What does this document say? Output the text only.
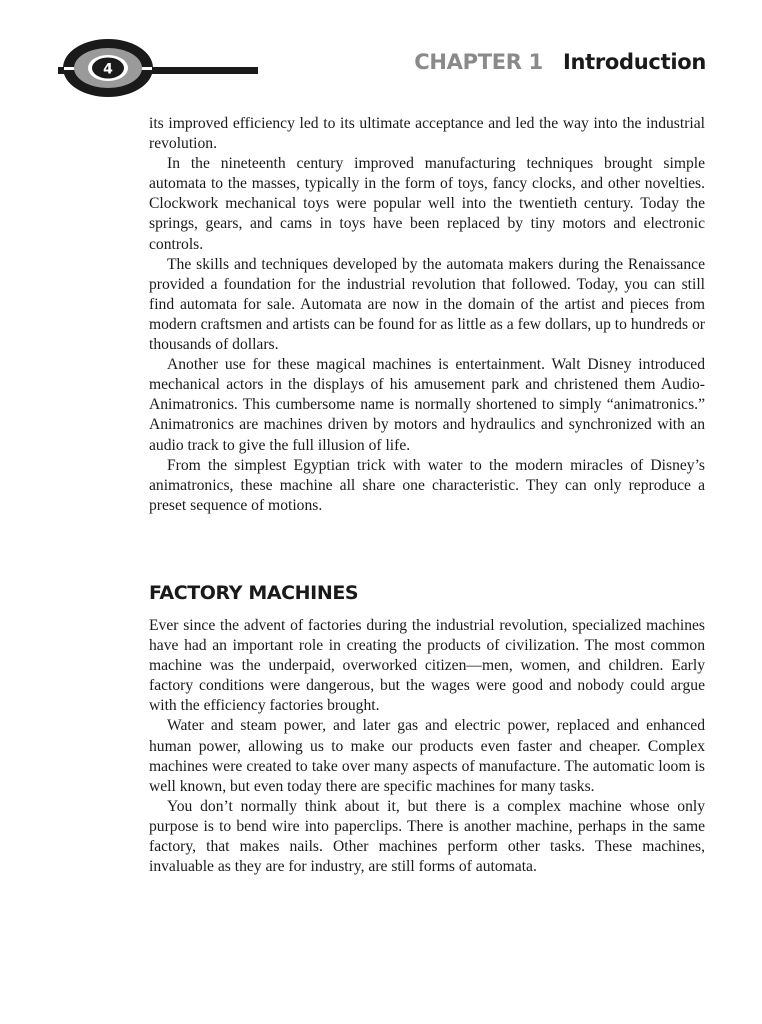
4	CHAPTER 1 Introduction

its improved efficiency led to its ultimate acceptance and led the way into the industrial revolution.

In the nineteenth century improved manufacturing techniques brought simple automata to the masses, typically in the form of toys, fancy clocks, and other novelties. Clockwork mechanical toys were popular well into the twentieth century. Today the springs, gears, and cams in toys have been replaced by tiny motors and electronic controls.

The skills and techniques developed by the automata makers during the Renaissance provided a foundation for the industrial revolution that followed. Today, you can still find automata for sale. Automata are now in the domain of the artist and pieces from modern craftsmen and artists can be found for as little as a few dollars, up to hundreds or thousands of dollars.

Another use for these magical machines is entertainment. Walt Disney introduced mechanical actors in the displays of his amusement park and christened them Audio-Animatronics. This cumbersome name is normally shortened to simply “animatronics.” Animatronics are machines driven by motors and hydraulics and synchronized with an audio track to give the full illusion of life.

From the simplest Egyptian trick with water to the modern miracles of Disney’s animatronics, these machine all share one characteristic. They can only reproduce a preset sequence of motions.

FACTORY MACHINES

Ever since the advent of factories during the industrial revolution, specialized machines have had an important role in creating the products of civilization. The most common machine was the underpaid, overworked citizen—men, women, and children. Early factory conditions were dangerous, but the wages were good and nobody could argue with the efficiency factories brought.

Water and steam power, and later gas and electric power, replaced and enhanced human power, allowing us to make our products even faster and cheaper. Complex machines were created to take over many aspects of manufacture. The automatic loom is well known, but even today there are specific machines for many tasks.

You don’t normally think about it, but there is a complex machine whose only purpose is to bend wire into paperclips. There is another machine, perhaps in the same factory, that makes nails. Other machines perform other tasks. These machines, invaluable as they are for industry, are still forms of automata.
